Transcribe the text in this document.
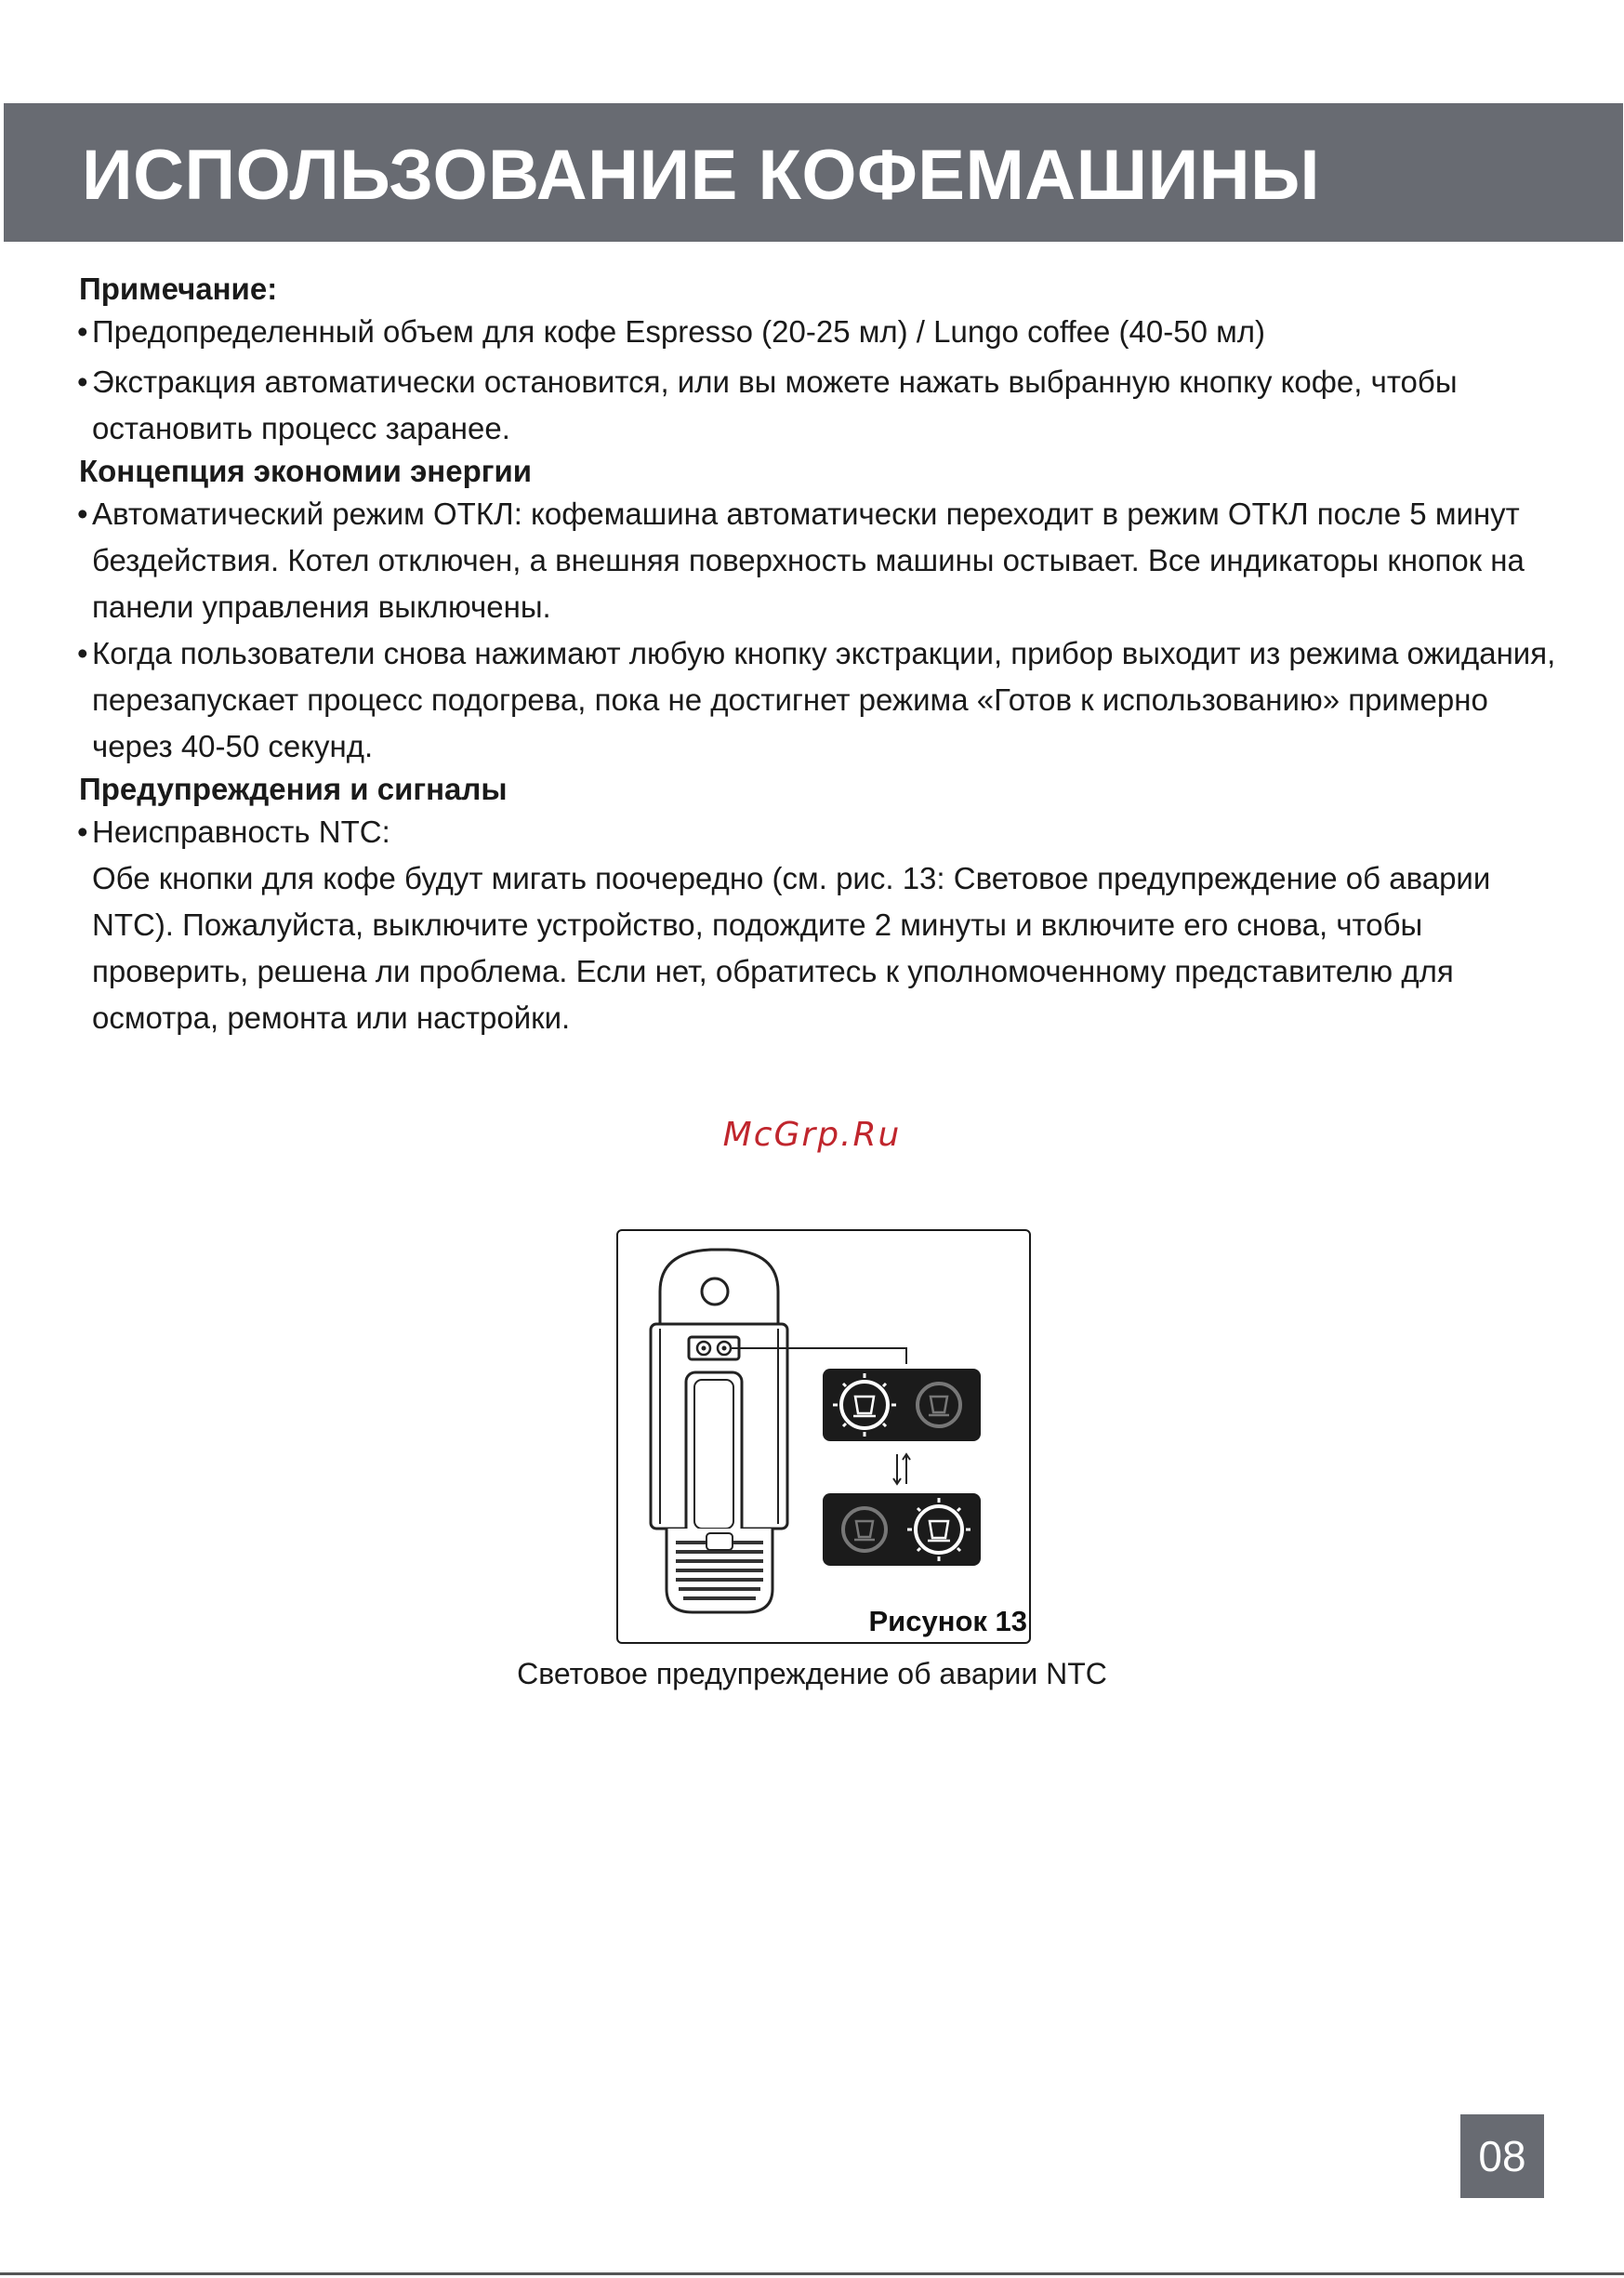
ИСПОЛЬЗОВАНИЕ КОФЕМАШИНЫ
Примечание:
• Предопределенный объем для кофе Espresso (20-25 мл) / Lungo coffee (40-50 мл)
• Экстракция автоматически остановится, или вы можете нажать выбранную кнопку кофе, чтобы остановить процесс заранее.
Концепция экономии энергии
• Автоматический режим ОТКЛ: кофемашина автоматически переходит в режим ОТКЛ после 5 минут бездействия. Котел отключен, а внешняя поверхность машины остывает. Все индикаторы кнопок на панели управления выключены.
• Когда пользователи снова нажимают любую кнопку экстракции, прибор выходит из режима ожидания, перезапускает процесс подогрева, пока не достигнет режима «Готов к использованию» примерно через 40-50 секунд.
Предупреждения и сигналы
• Неисправность NTC:
Обе кнопки для кофе будут мигать поочередно (см. рис. 13: Световое предупреждение об аварии NTC). Пожалуйста, выключите устройство, подождите 2 минуты и включите его снова, чтобы проверить, решена ли проблема. Если нет, обратитесь к уполномоченному представителю для осмотра, ремонта или настройки.
McGrp.Ru
Рисунок 13
Световое предупреждение об аварии NTC
08
